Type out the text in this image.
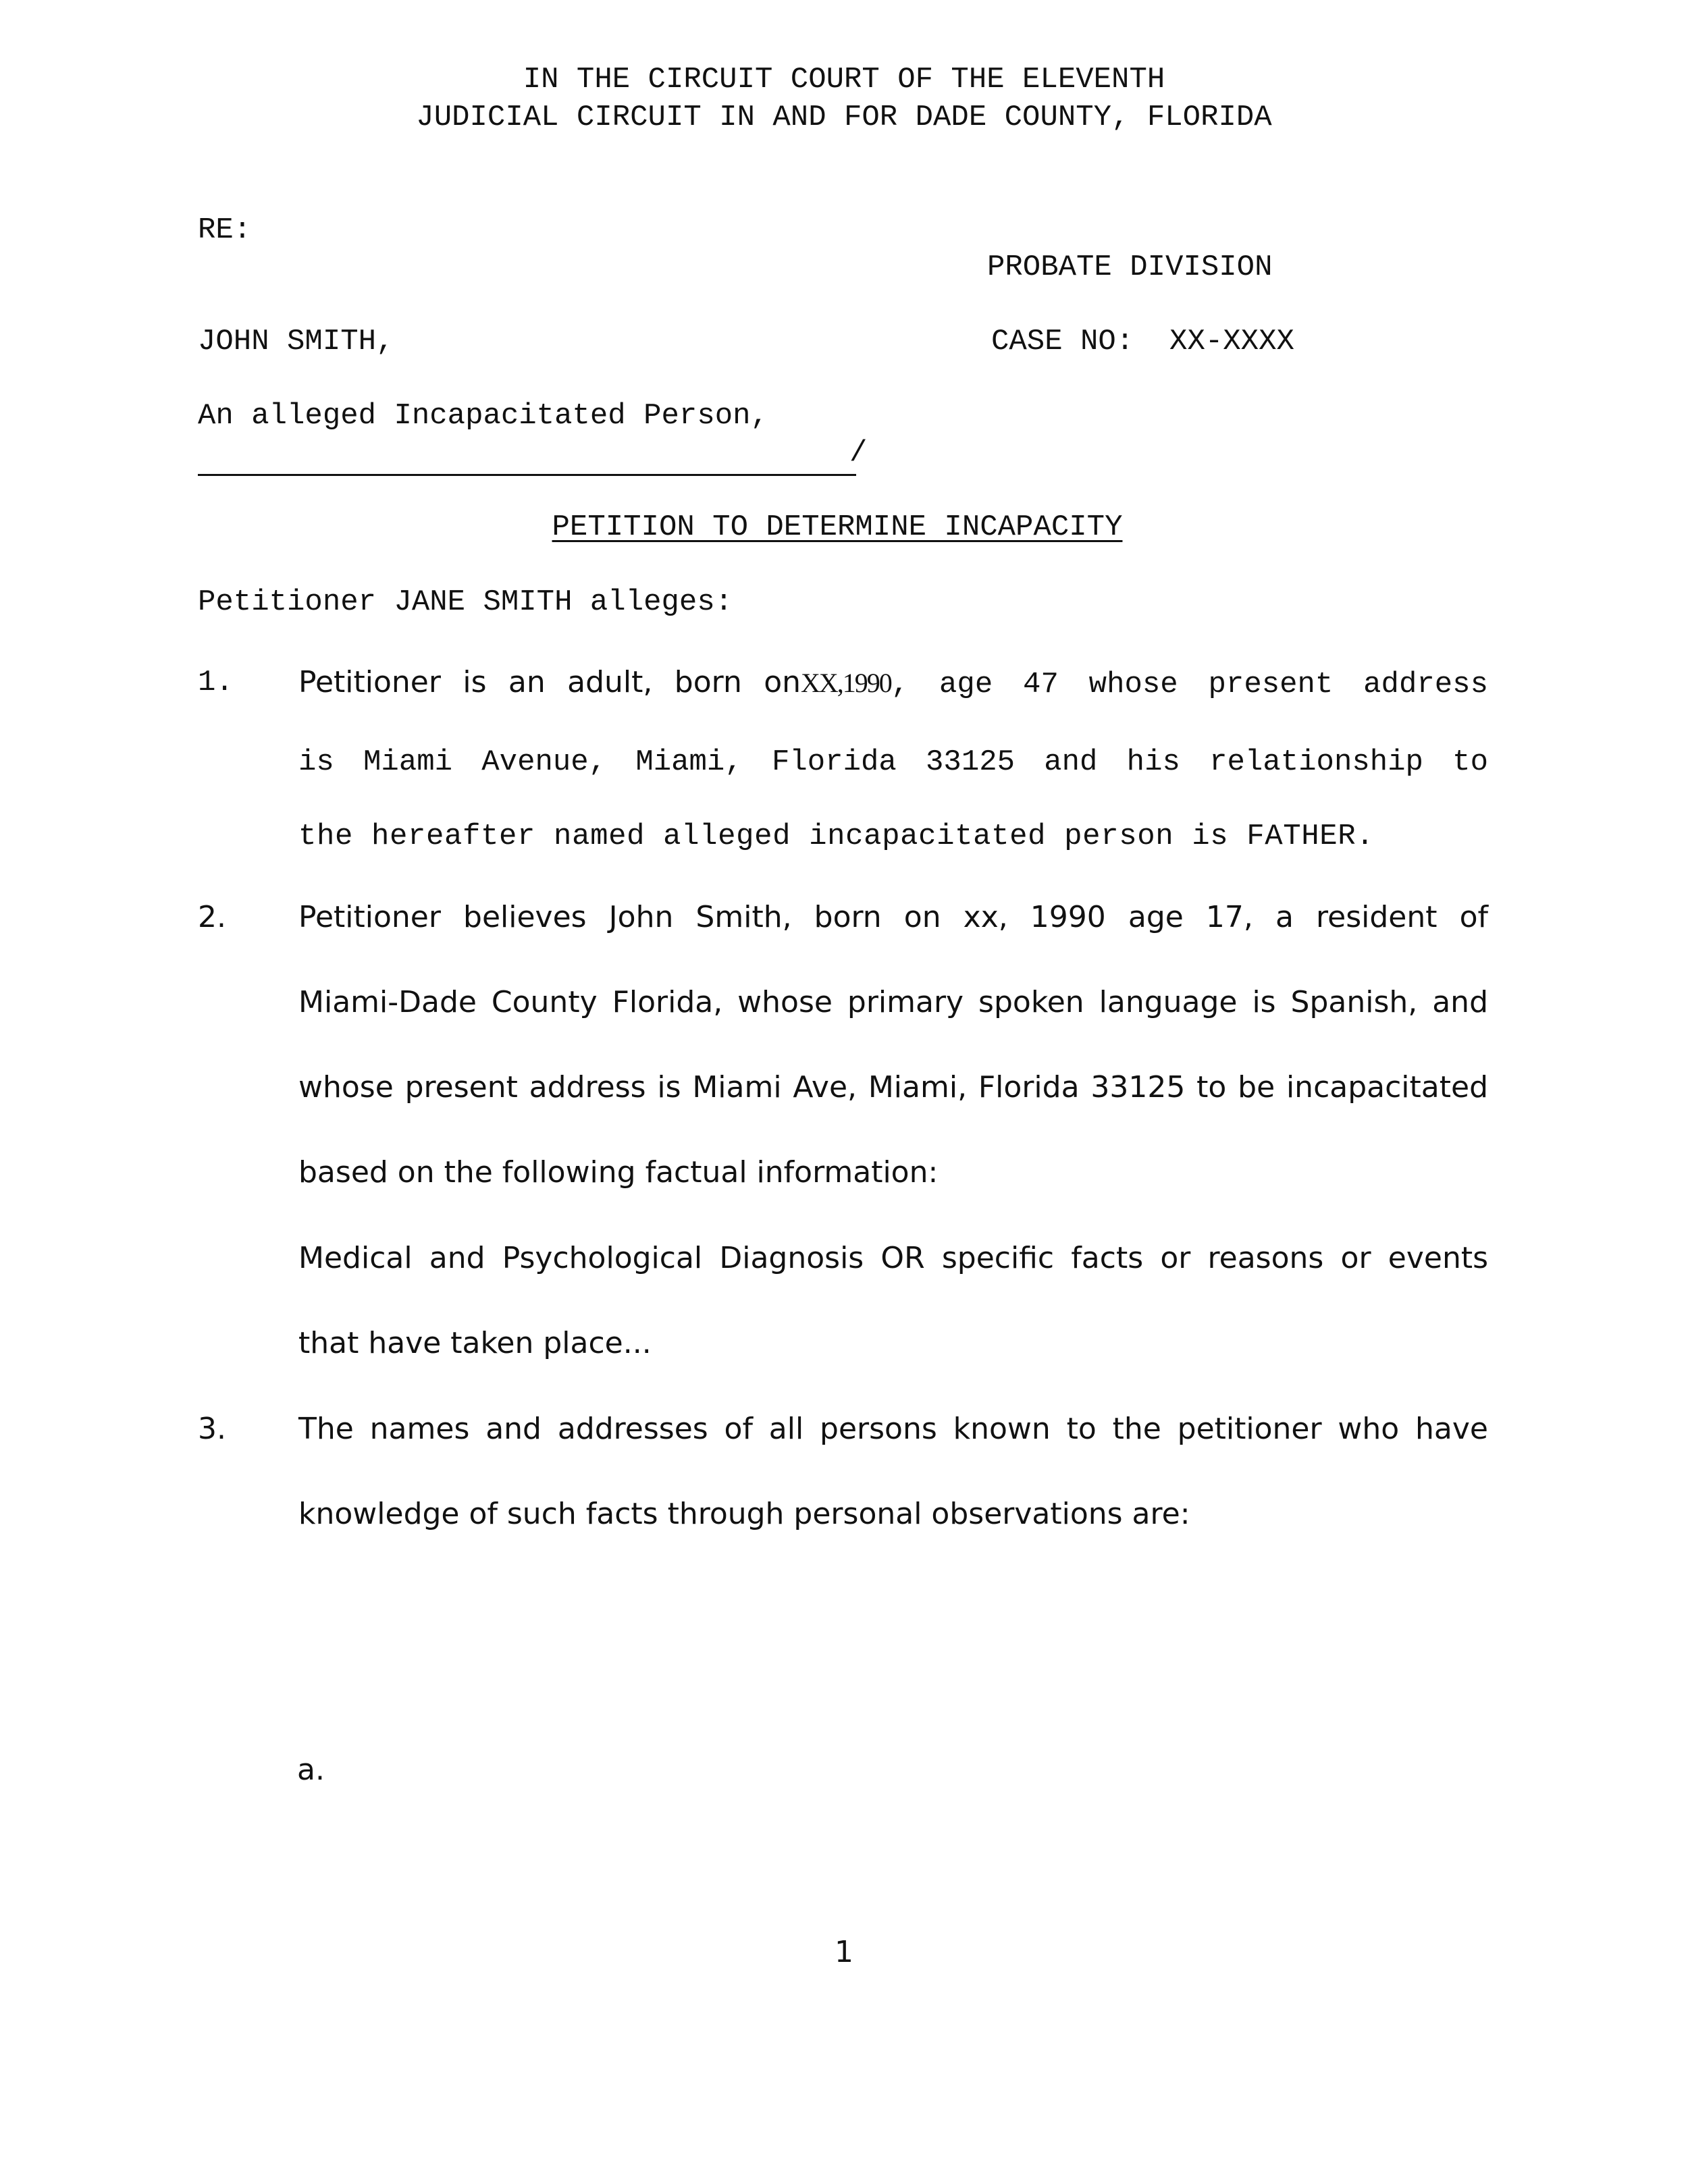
IN THE CIRCUIT COURT OF THE ELEVENTH
JUDICIAL CIRCUIT IN AND FOR DADE COUNTY, FLORIDA
RE:
PROBATE DIVISION
JOHN SMITH,	CASE NO: XX-XXXX
An alleged Incapacitated Person,
/
PETITION TO DETERMINE INCAPACITY
Petitioner JANE SMITH alleges:
1. Petitioner is an adult, born onXX,1990, age 47 whose present address
is Miami Avenue, Miami, Florida 33125 and his relationship to
the hereafter named alleged incapacitated person is FATHER.
2. Petitioner believes John Smith, born on xx, 1990 age 17, a resident of
Miami-Dade County Florida, whose primary spoken language is Spanish, and
whose present address is Miami Ave, Miami, Florida 33125 to be incapacitated
based on the following factual information:
Medical and Psychological Diagnosis OR specific facts or reasons or events
that have taken place...
3. The names and addresses of all persons known to the petitioner who have
knowledge of such facts through personal observations are:
a.
1
